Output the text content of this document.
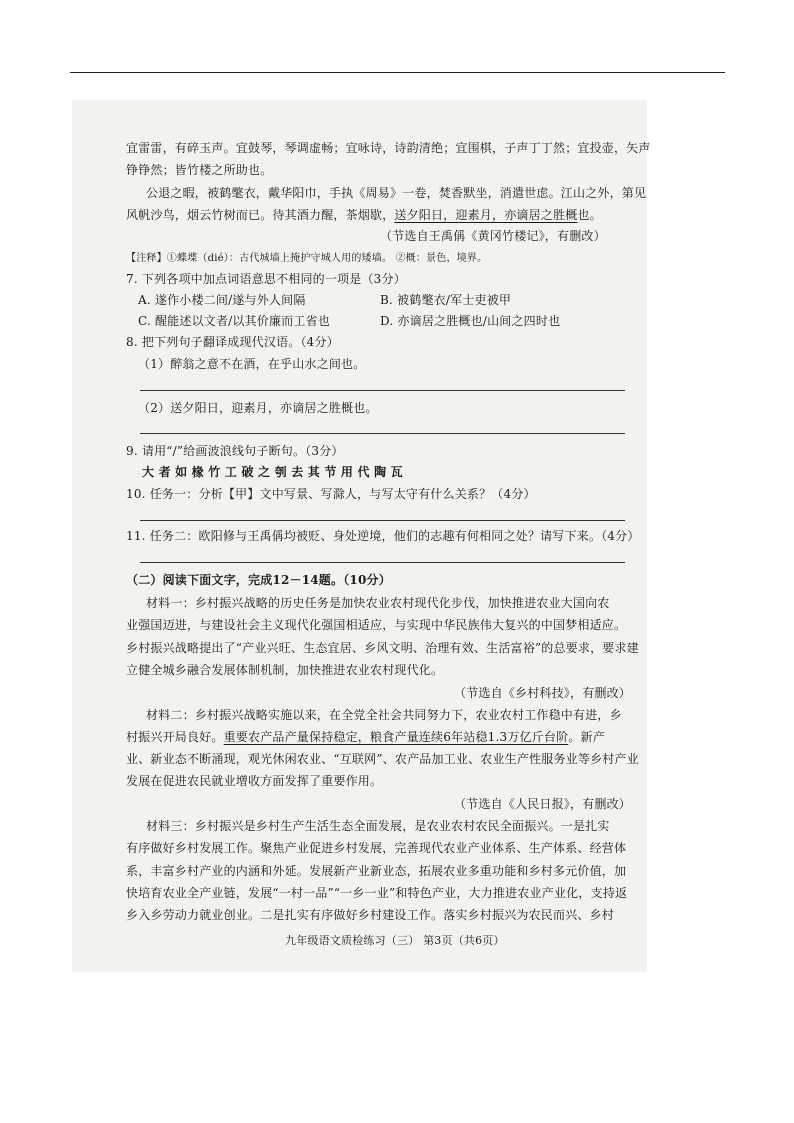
宜雷雷，有碎玉声。宜鼓琴，琴调虚畅；宜咏诗，诗韵清绝；宜围棋，子声丁丁然；宜投壶，矢声

铮铮然；皆竹楼之所助也。

公退之暇，被鹤氅衣，戴华阳巾，手执《周易》一卷，焚香默坐，消遣世虑。江山之外，第见

风帆沙鸟，烟云竹树而已。待其酒力醒，茶烟歇，送夕阳日，迎素月，亦谪居之胜概也。

（节选自王禹偁《黄冈竹楼记》，有删改）

【注释】①蝶堞（dié）：古代城墙上掩护守城人用的矮墙。 ②概：景色，境界。

7. 下列各项中加点词语意思不相同的一项是（3分）

A. 遂作小楼二间/遂与外人间隔	B. 被鹤氅衣/军士吏被甲

C. 醒能述以文者/以其价廉而工省也	D. 亦谪居之胜概也/山间之四时也

8. 把下列句子翻译成现代汉语。（4分）

（1）醉翁之意不在酒，在乎山水之间也。

（2）送夕阳日，迎素月，亦谪居之胜概也。

9. 请用“/”给画波浪线句子断句。（3分）

大 者 如 椽 竹 工 破 之 刳 去 其 节 用 代 陶 瓦

10. 任务一：分析【甲】文中写景、写滁人，与写太守有什么关系？（4分）

11. 任务二：欧阳修与王禹偁均被贬、身处逆境，他们的志趣有何相同之处？请写下来。（4分）

（二）阅读下面文字，完成12－14题。（10分）

材料一：乡村振兴战略的历史任务是加快农业农村现代化步伐，加快推进农业大国向农

业强国迈进，与建设社会主义现代化强国相适应，与实现中华民族伟大复兴的中国梦相适应。

乡村振兴战略提出了“产业兴旺、生态宜居、乡风文明、治理有效、生活富裕”的总要求，要求建

立健全城乡融合发展体制机制，加快推进农业农村现代化。

（节选自《乡村科技》，有删改）

材料二：乡村振兴战略实施以来，在全党全社会共同努力下，农业农村工作稳中有进，乡

村振兴开局良好。重要农产品产量保持稳定，粮食产量连续6年站稳1.3万亿斤台阶。新产

业、新业态不断涌现，观光休闲农业、“互联网”、农产品加工业、农业生产性服务业等乡村产业

发展在促进农民就业增收方面发挥了重要作用。

（节选自《人民日报》，有删改）

材料三：乡村振兴是乡村生产生活生态全面发展，是农业农村农民全面振兴。一是扎实

有序做好乡村发展工作。聚焦产业促进乡村发展，完善现代农业产业体系、生产体系、经营体

系，丰富乡村产业的内涵和外延。发展新产业新业态，拓展农业多重功能和乡村多元价值，加

快培育农业全产业链，发展“一村一品”“一乡一业”和特色产业，大力推进农业产业化，支持返

乡入乡劳动力就业创业。二是扎实有序做好乡村建设工作。落实乡村振兴为农民而兴、乡村

九年级语文质检练习（三） 第3页（共6页）
